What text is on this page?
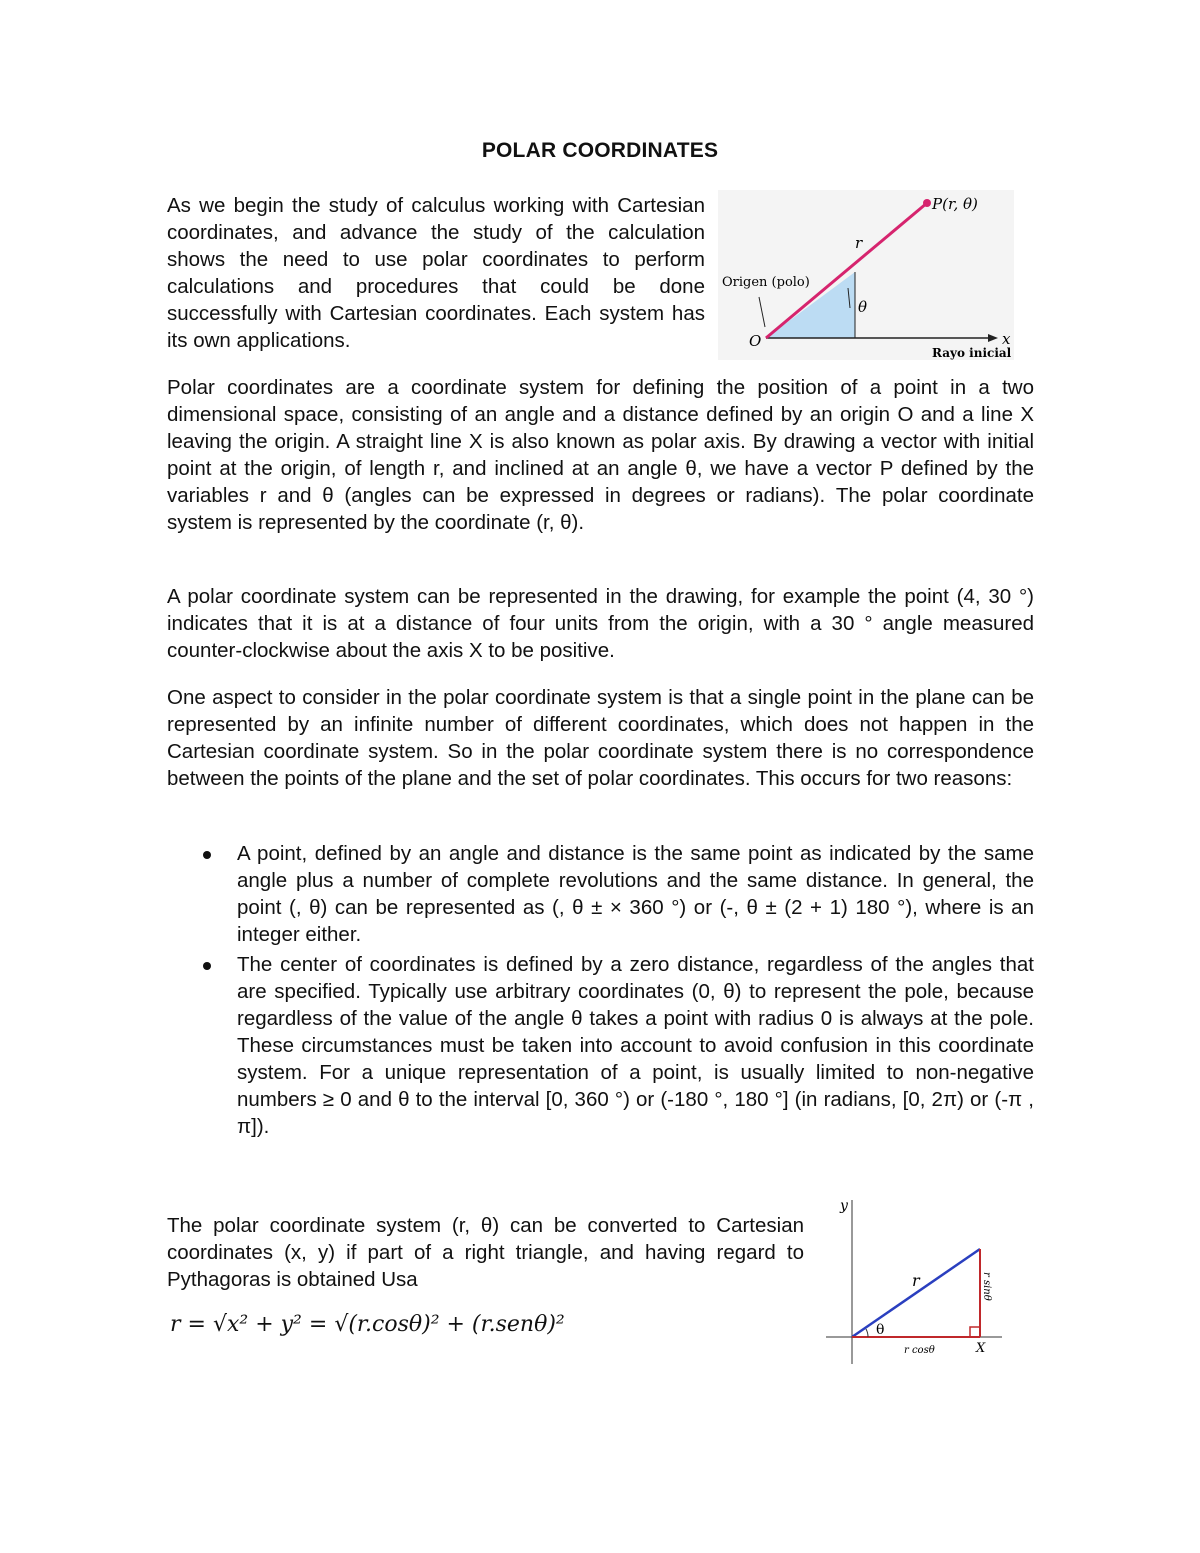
POLAR COORDINATES
As we begin the study of calculus working with Cartesian coordinates, and advance the study of the calculation shows the need to use polar coordinates to perform calculations and procedures that could be done successfully with Cartesian coordinates. Each system has its own applications.
P(r, θ)
r
Origen (polo)
O
θ
x
Rayo inicial
Polar coordinates are a coordinate system for defining the position of a point in a two dimensional space, consisting of an angle and a distance defined by an origin O and a line X leaving the origin. A straight line X is also known as polar axis. By drawing a vector with initial point at the origin, of length r, and inclined at an angle θ, we have a vector P defined by the variables r and θ (angles can be expressed in degrees or radians). The polar coordinate system is represented by the coordinate (r, θ).
A polar coordinate system can be represented in the drawing, for example the point (4, 30 °) indicates that it is at a distance of four units from the origin, with a 30 ° angle measured counter-clockwise about the axis X to be positive.
One aspect to consider in the polar coordinate system is that a single point in the plane can be represented by an infinite number of different coordinates, which does not happen in the Cartesian coordinate system. So in the polar coordinate system there is no correspondence between the points of the plane and the set of polar coordinates. This occurs for two reasons:
A point, defined by an angle and distance is the same point as indicated by the same angle plus a number of complete revolutions and the same distance. In general, the point (, θ) can be represented as (, θ ± × 360 °) or (-, θ ± (2 + 1) 180 °), where is an integer either.
The center of coordinates is defined by a zero distance, regardless of the angles that are specified. Typically use arbitrary coordinates (0, θ) to represent the pole, because regardless of the value of the angle θ takes a point with radius 0 is always at the pole. These circumstances must be taken into account to avoid confusion in this coordinate system. For a unique representation of a point, is usually limited to non-negative numbers ≥ 0 and θ to the interval [0, 360 °) or (-180 °, 180 °] (in radians, [0, 2π) or (-π , π]).
The polar coordinate system (r, θ) can be converted to Cartesian coordinates (x, y) if part of a right triangle, and having regard to Pythagoras is obtained Usa
r = √x² + y² = √(r.cosθ)² + (r.senθ)²
y
X
r
θ
r cosθ
r sinθ
